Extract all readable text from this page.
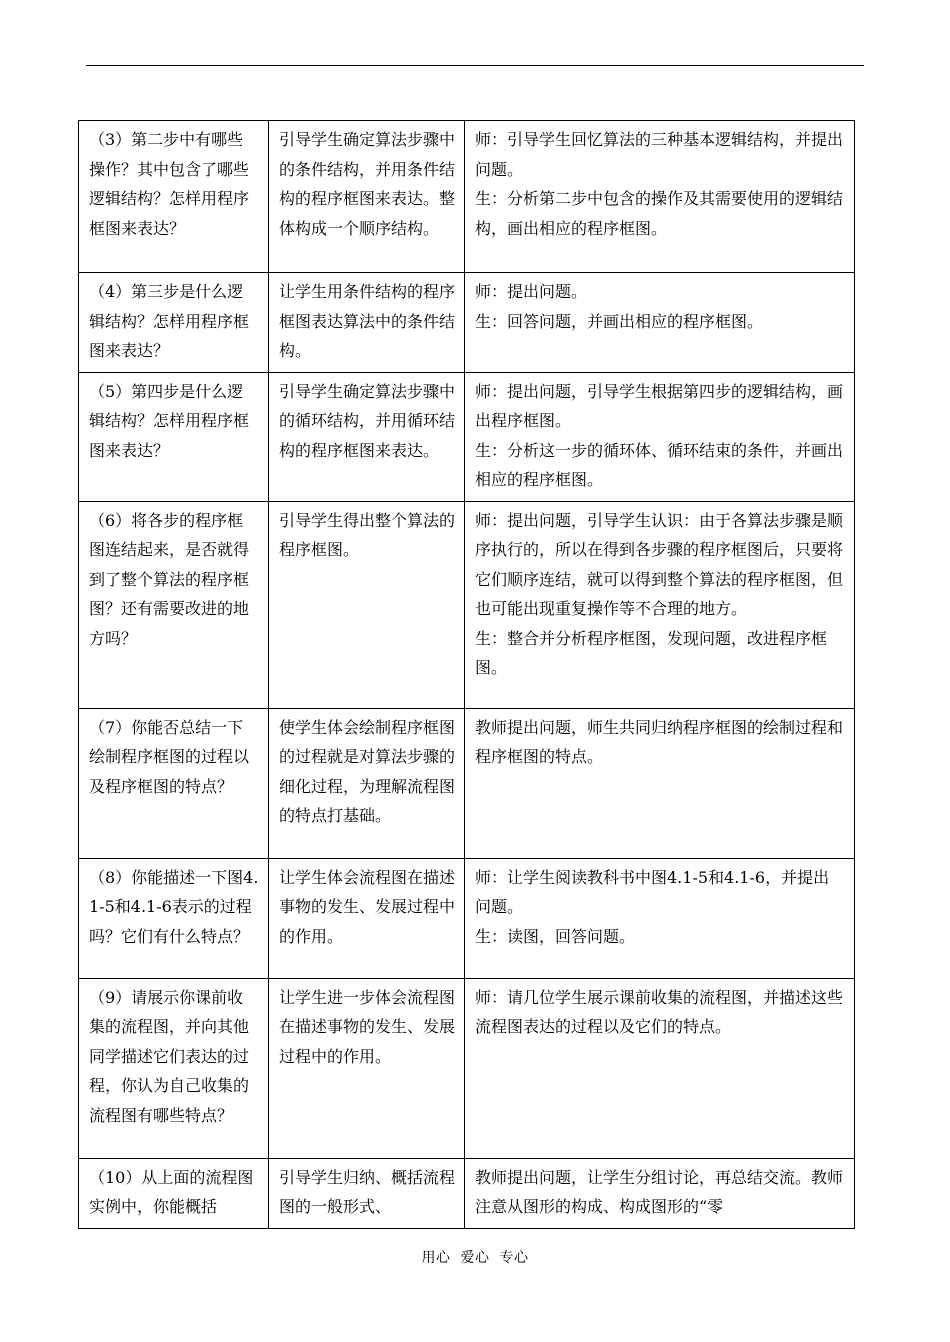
（3）第二步中有哪些操作？其中包含了哪些逻辑结构？怎样用程序框图来表达？	引导学生确定算法步骤中的条件结构，并用条件结构的程序框图来表达。整体构成一个顺序结构。	师：引导学生回忆算法的三种基本逻辑结构，并提出问题。
生：分析第二步中包含的操作及其需要使用的逻辑结构，画出相应的程序框图。

（4）第三步是什么逻辑结构？怎样用程序框图来表达？	让学生用条件结构的程序框图表达算法中的条件结构。	师：提出问题。
生：回答问题，并画出相应的程序框图。

（5）第四步是什么逻辑结构？怎样用程序框图来表达？	引导学生确定算法步骤中的循环结构，并用循环结构的程序框图来表达。	师：提出问题，引导学生根据第四步的逻辑结构，画出程序框图。
生：分析这一步的循环体、循环结束的条件，并画出相应的程序框图。

（6）将各步的程序框图连结起来，是否就得到了整个算法的程序框图？还有需要改进的地方吗？	引导学生得出整个算法的程序框图。	师：提出问题，引导学生认识：由于各算法步骤是顺序执行的，所以在得到各步骤的程序框图后，只要将它们顺序连结，就可以得到整个算法的程序框图，但也可能出现重复操作等不合理的地方。
生：整合并分析程序框图，发现问题，改进程序框图。

（7）你能否总结一下绘制程序框图的过程以及程序框图的特点？	使学生体会绘制程序框图的过程就是对算法步骤的细化过程，为理解流程图的特点打基础。	教师提出问题，师生共同归纳程序框图的绘制过程和程序框图的特点。

（8）你能描述一下图4.1-5和4.1-6表示的过程吗？它们有什么特点？	让学生体会流程图在描述事物的发生、发展过程中的作用。	师：让学生阅读教科书中图4.1-5和4.1-6，并提出问题。
生：读图，回答问题。

（9）请展示你课前收集的流程图，并向其他同学描述它们表达的过程，你认为自己收集的流程图有哪些特点？	让学生进一步体会流程图在描述事物的发生、发展过程中的作用。	师：请几位学生展示课前收集的流程图，并描述这些流程图表达的过程以及它们的特点。

（10）从上面的流程图实例中，你能概括	引导学生归纳、概括流程图的一般形式、	教师提出问题，让学生分组讨论，再总结交流。教师注意从图形的构成、构成图形的“零
用心 爱心 专心
